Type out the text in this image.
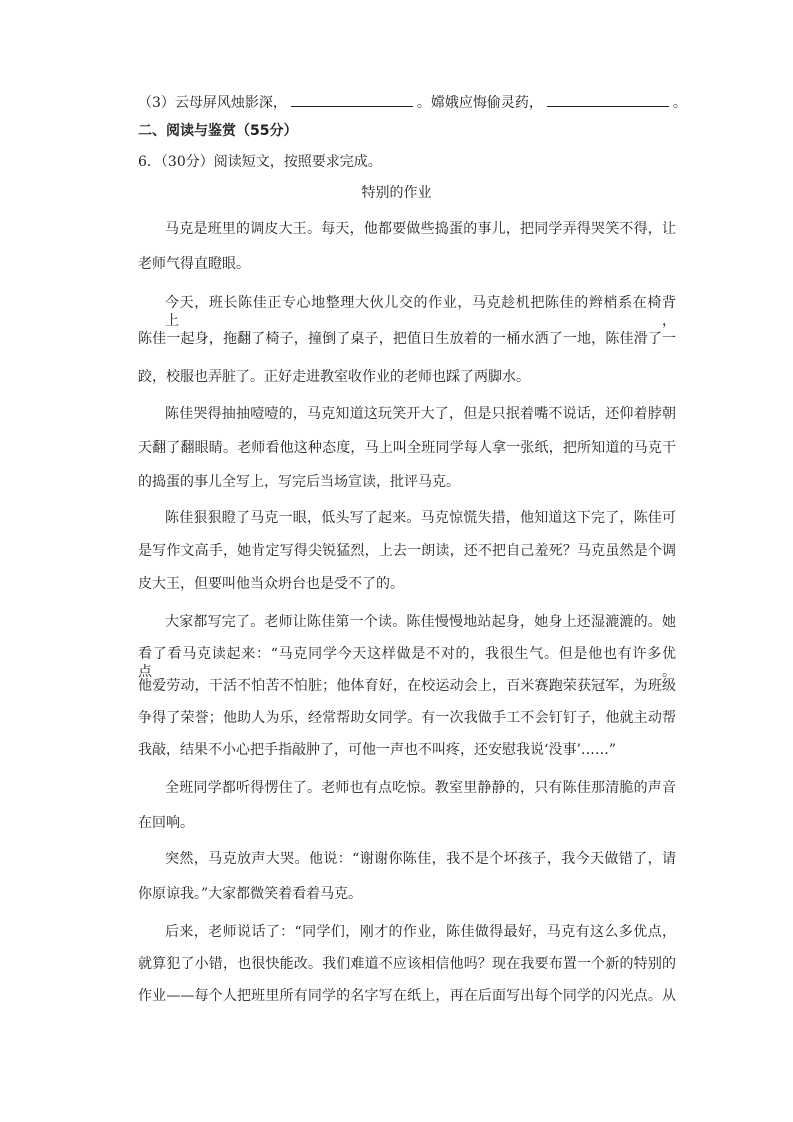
（3）云母屏风烛影深，	。嫦娥应悔偷灵药，	。
二、阅读与鉴赏（55分）
6．（30分）阅读短文，按照要求完成。
特别的作业
马克是班里的调皮大王。每天，他都要做些捣蛋的事儿，把同学弄得哭笑不得，让
老师气得直瞪眼。
今天，班长陈佳正专心地整理大伙儿交的作业，马克趁机把陈佳的辫梢系在椅背上，
陈佳一起身，拖翻了椅子，撞倒了桌子，把值日生放着的一桶水洒了一地，陈佳滑了一
跤，校服也弄脏了。正好走进教室收作业的老师也踩了两脚水。
陈佳哭得抽抽噎噎的，马克知道这玩笑开大了，但是只抿着嘴不说话，还仰着脖朝
天翻了翻眼睛。老师看他这种态度，马上叫全班同学每人拿一张纸，把所知道的马克干
的捣蛋的事儿全写上，写完后当场宣读，批评马克。
陈佳狠狠瞪了马克一眼，低头写了起来。马克惊慌失措，他知道这下完了，陈佳可
是写作文高手，她肯定写得尖锐猛烈，上去一朗读，还不把自己羞死？马克虽然是个调
皮大王，但要叫他当众坍台也是受不了的。
大家都写完了。老师让陈佳第一个读。陈佳慢慢地站起身，她身上还湿漉漉的。她
看了看马克读起来：“马克同学今天这样做是不对的，我很生气。但是他也有许多优点。
他爱劳动，干活不怕苦不怕脏；他体育好，在校运动会上，百米赛跑荣获冠军，为班级
争得了荣誉；他助人为乐，经常帮助女同学。有一次我做手工不会钉钉子，他就主动帮
我敲，结果不小心把手指敲肿了，可他一声也不叫疼，还安慰我说‘没事’……”
全班同学都听得愣住了。老师也有点吃惊。教室里静静的，只有陈佳那清脆的声音
在回响。
突然，马克放声大哭。他说：“谢谢你陈佳，我不是个坏孩子，我今天做错了，请
你原谅我。”大家都微笑着看着马克。
后来，老师说话了：“同学们，刚才的作业，陈佳做得最好，马克有这么多优点，
就算犯了小错，也很快能改。我们难道不应该相信他吗？现在我要布置一个新的特别的
作业——每个人把班里所有同学的名字写在纸上，再在后面写出每个同学的闪光点。从
